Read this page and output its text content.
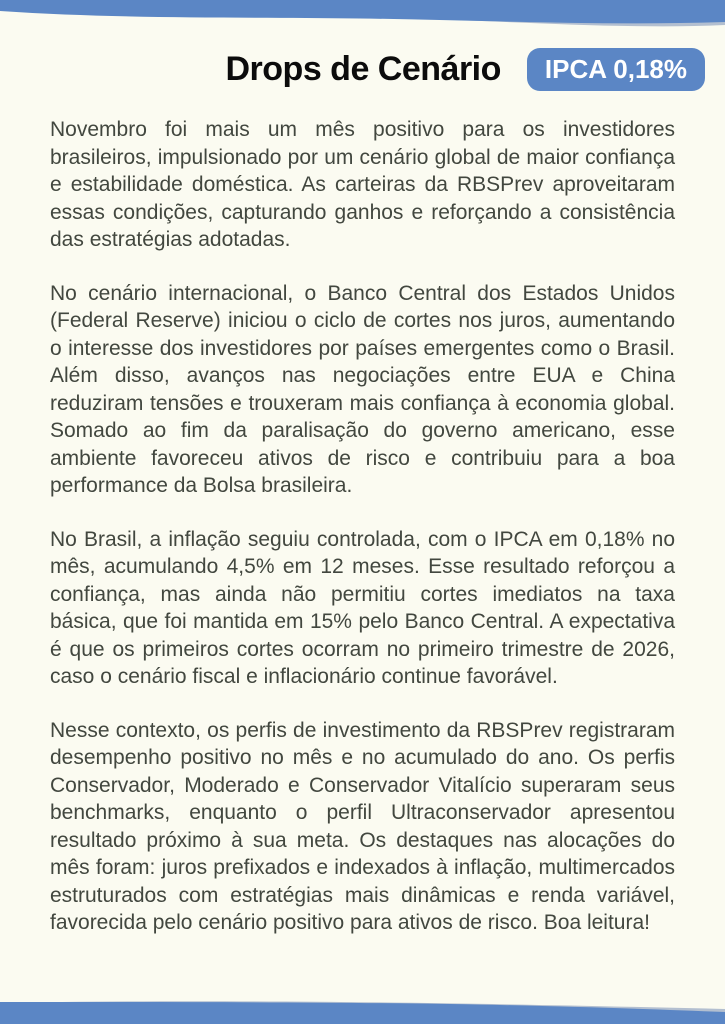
Drops de Cenário	IPCA 0,18%

Novembro foi mais um mês positivo para os investidores brasileiros, impulsionado por um cenário global de maior confiança e estabilidade doméstica. As carteiras da RBSPrev aproveitaram essas condições, capturando ganhos e reforçando a consistência das estratégias adotadas.

No cenário internacional, o Banco Central dos Estados Unidos (Federal Reserve) iniciou o ciclo de cortes nos juros, aumentando o interesse dos investidores por países emergentes como o Brasil. Além disso, avanços nas negociações entre EUA e China reduziram tensões e trouxeram mais confiança à economia global. Somado ao fim da paralisação do governo americano, esse ambiente favoreceu ativos de risco e contribuiu para a boa performance da Bolsa brasileira.

No Brasil, a inflação seguiu controlada, com o IPCA em 0,18% no mês, acumulando 4,5% em 12 meses. Esse resultado reforçou a confiança, mas ainda não permitiu cortes imediatos na taxa básica, que foi mantida em 15% pelo Banco Central. A expectativa é que os primeiros cortes ocorram no primeiro trimestre de 2026, caso o cenário fiscal e inflacionário continue favorável.

Nesse contexto, os perfis de investimento da RBSPrev registraram desempenho positivo no mês e no acumulado do ano. Os perfis Conservador, Moderado e Conservador Vitalício superaram seus benchmarks, enquanto o perfil Ultraconservador apresentou resultado próximo à sua meta. Os destaques nas alocações do mês foram: juros prefixados e indexados à inflação, multimercados estruturados com estratégias mais dinâmicas e renda variável, favorecida pelo cenário positivo para ativos de risco. Boa leitura!
